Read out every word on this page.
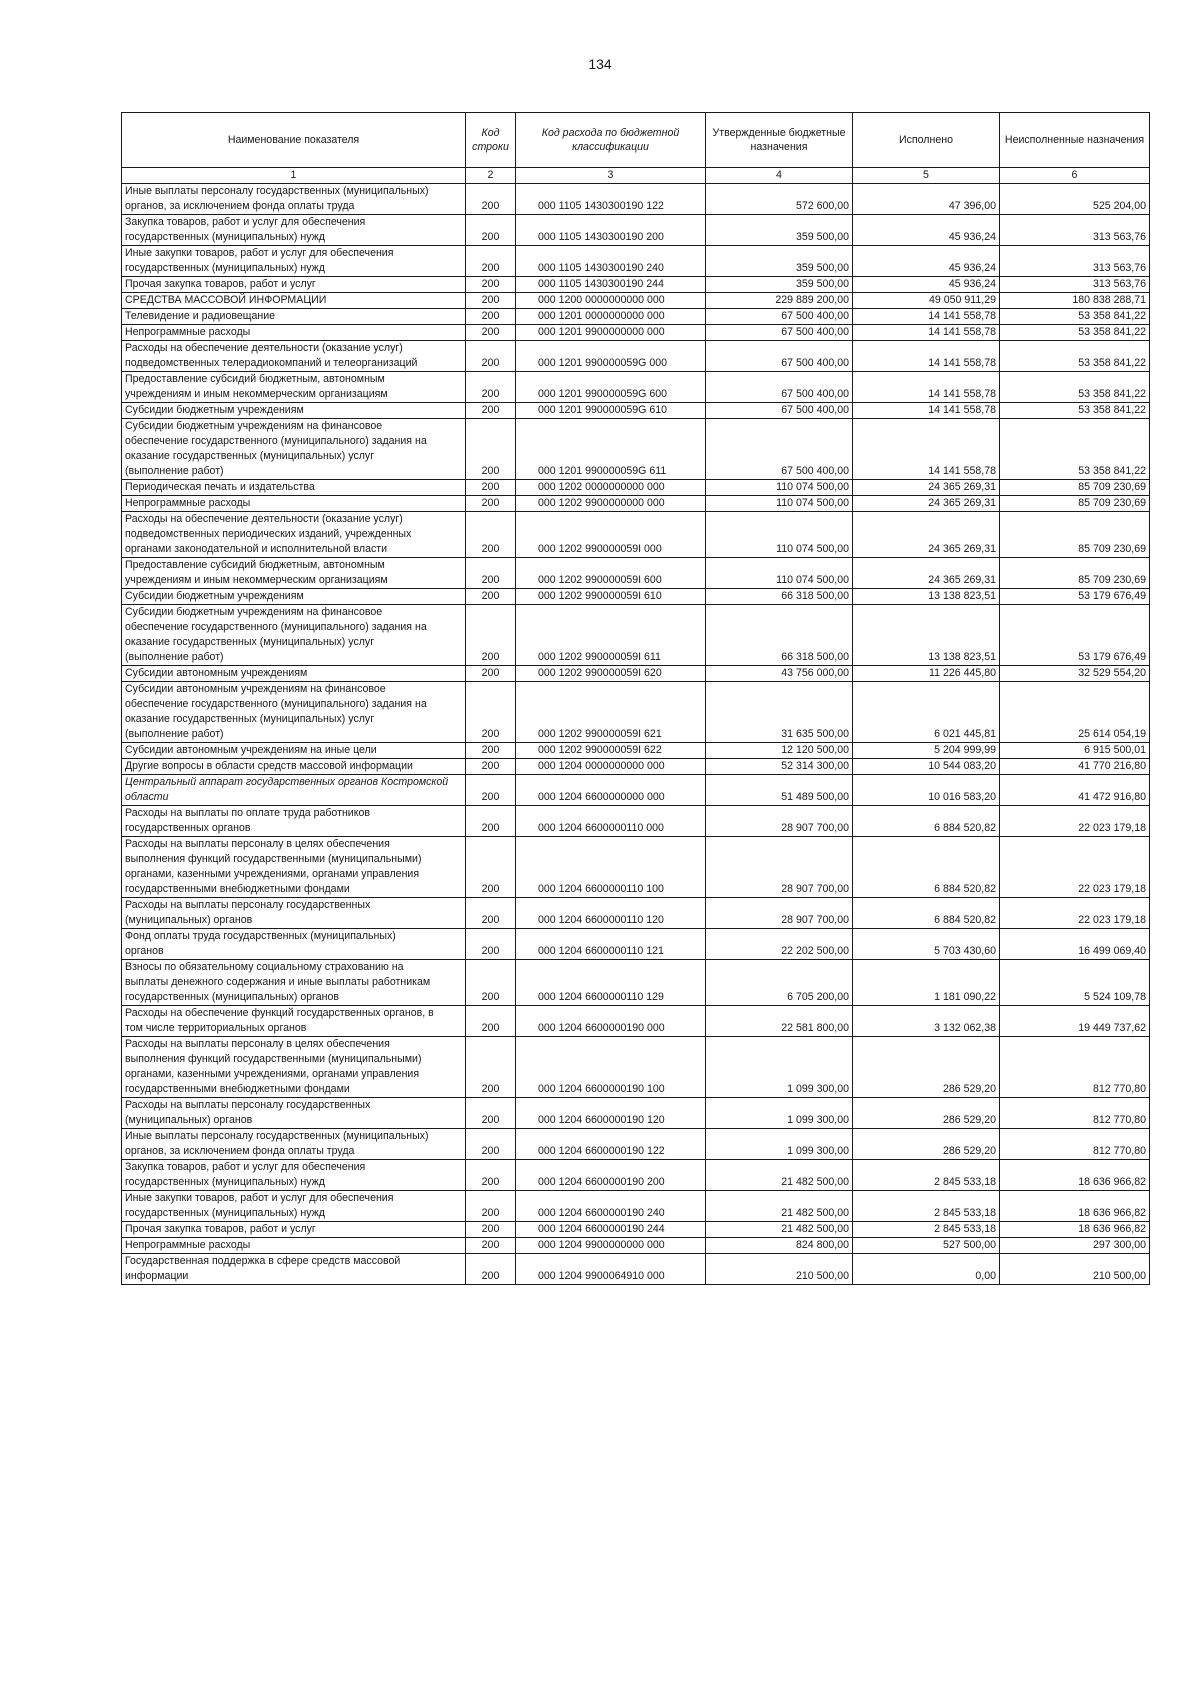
134
Наименование показателя	Код строки	Код расхода по бюджетной классификации	Утвержденные бюджетные назначения	Исполнено	Неисполненные назначения
1	2	3	4	5	6
Иные выплаты персоналу государственных (муниципальных)
органов, за исключением фонда оплаты труда	200	000 1105 1430300190 122	572 600,00	47 396,00	525 204,00
Закупка товаров, работ и услуг для обеспечения
государственных (муниципальных) нужд	200	000 1105 1430300190 200	359 500,00	45 936,24	313 563,76
Иные закупки товаров, работ и услуг для обеспечения
государственных (муниципальных) нужд	200	000 1105 1430300190 240	359 500,00	45 936,24	313 563,76
Прочая закупка товаров, работ и услуг	200	000 1105 1430300190 244	359 500,00	45 936,24	313 563,76
СРЕДСТВА МАССОВОЙ ИНФОРМАЦИИ	200	000 1200 0000000000 000	229 889 200,00	49 050 911,29	180 838 288,71
Телевидение и радиовещание	200	000 1201 0000000000 000	67 500 400,00	14 141 558,78	53 358 841,22
Непрограммные расходы	200	000 1201 9900000000 000	67 500 400,00	14 141 558,78	53 358 841,22
Расходы на обеспечение деятельности (оказание услуг)
подведомственных телерадиокомпаний и телеорганизаций	200	000 1201 990000059G 000	67 500 400,00	14 141 558,78	53 358 841,22
Предоставление субсидий бюджетным, автономным
учреждениям и иным некоммерческим организациям	200	000 1201 990000059G 600	67 500 400,00	14 141 558,78	53 358 841,22
Субсидии бюджетным учреждениям	200	000 1201 990000059G 610	67 500 400,00	14 141 558,78	53 358 841,22
Субсидии бюджетным учреждениям на финансовое
обеспечение государственного (муниципального) задания на
оказание государственных (муниципальных) услуг
(выполнение работ)	200	000 1201 990000059G 611	67 500 400,00	14 141 558,78	53 358 841,22
Периодическая печать и издательства	200	000 1202 0000000000 000	110 074 500,00	24 365 269,31	85 709 230,69
Непрограммные расходы	200	000 1202 9900000000 000	110 074 500,00	24 365 269,31	85 709 230,69
Расходы на обеспечение деятельности (оказание услуг)
подведомственных периодических изданий, учрежденных
органами законодательной и исполнительной власти	200	000 1202 990000059I 000	110 074 500,00	24 365 269,31	85 709 230,69
Предоставление субсидий бюджетным, автономным
учреждениям и иным некоммерческим организациям	200	000 1202 990000059I 600	110 074 500,00	24 365 269,31	85 709 230,69
Субсидии бюджетным учреждениям	200	000 1202 990000059I 610	66 318 500,00	13 138 823,51	53 179 676,49
Субсидии бюджетным учреждениям на финансовое
обеспечение государственного (муниципального) задания на
оказание государственных (муниципальных) услуг
(выполнение работ)	200	000 1202 990000059I 611	66 318 500,00	13 138 823,51	53 179 676,49
Субсидии автономным учреждениям	200	000 1202 990000059I 620	43 756 000,00	11 226 445,80	32 529 554,20
Субсидии автономным учреждениям на финансовое
обеспечение государственного (муниципального) задания на
оказание государственных (муниципальных) услуг
(выполнение работ)	200	000 1202 990000059I 621	31 635 500,00	6 021 445,81	25 614 054,19
Субсидии автономным учреждениям на иные цели	200	000 1202 990000059I 622	12 120 500,00	5 204 999,99	6 915 500,01
Другие вопросы в области средств массовой информации	200	000 1204 0000000000 000	52 314 300,00	10 544 083,20	41 770 216,80
Центральный аппарат государственных органов Костромской
области	200	000 1204 6600000000 000	51 489 500,00	10 016 583,20	41 472 916,80
Расходы на выплаты по оплате труда работников
государственных органов	200	000 1204 6600000110 000	28 907 700,00	6 884 520,82	22 023 179,18
Расходы на выплаты персоналу в целях обеспечения
выполнения функций государственными (муниципальными)
органами, казенными учреждениями, органами управления
государственными внебюджетными фондами	200	000 1204 6600000110 100	28 907 700,00	6 884 520,82	22 023 179,18
Расходы на выплаты персоналу государственных
(муниципальных) органов	200	000 1204 6600000110 120	28 907 700,00	6 884 520,82	22 023 179,18
Фонд оплаты труда государственных (муниципальных)
органов	200	000 1204 6600000110 121	22 202 500,00	5 703 430,60	16 499 069,40
Взносы по обязательному социальному страхованию на
выплаты денежного содержания и иные выплаты работникам
государственных (муниципальных) органов	200	000 1204 6600000110 129	6 705 200,00	1 181 090,22	5 524 109,78
Расходы на обеспечение функций государственных органов, в
том числе территориальных органов	200	000 1204 6600000190 000	22 581 800,00	3 132 062,38	19 449 737,62
Расходы на выплаты персоналу в целях обеспечения
выполнения функций государственными (муниципальными)
органами, казенными учреждениями, органами управления
государственными внебюджетными фондами	200	000 1204 6600000190 100	1 099 300,00	286 529,20	812 770,80
Расходы на выплаты персоналу государственных
(муниципальных) органов	200	000 1204 6600000190 120	1 099 300,00	286 529,20	812 770,80
Иные выплаты персоналу государственных (муниципальных)
органов, за исключением фонда оплаты труда	200	000 1204 6600000190 122	1 099 300,00	286 529,20	812 770,80
Закупка товаров, работ и услуг для обеспечения
государственных (муниципальных) нужд	200	000 1204 6600000190 200	21 482 500,00	2 845 533,18	18 636 966,82
Иные закупки товаров, работ и услуг для обеспечения
государственных (муниципальных) нужд	200	000 1204 6600000190 240	21 482 500,00	2 845 533,18	18 636 966,82
Прочая закупка товаров, работ и услуг	200	000 1204 6600000190 244	21 482 500,00	2 845 533,18	18 636 966,82
Непрограммные расходы	200	000 1204 9900000000 000	824 800,00	527 500,00	297 300,00
Государственная поддержка в сфере средств массовой
информации	200	000 1204 9900064910 000	210 500,00	0,00	210 500,00
